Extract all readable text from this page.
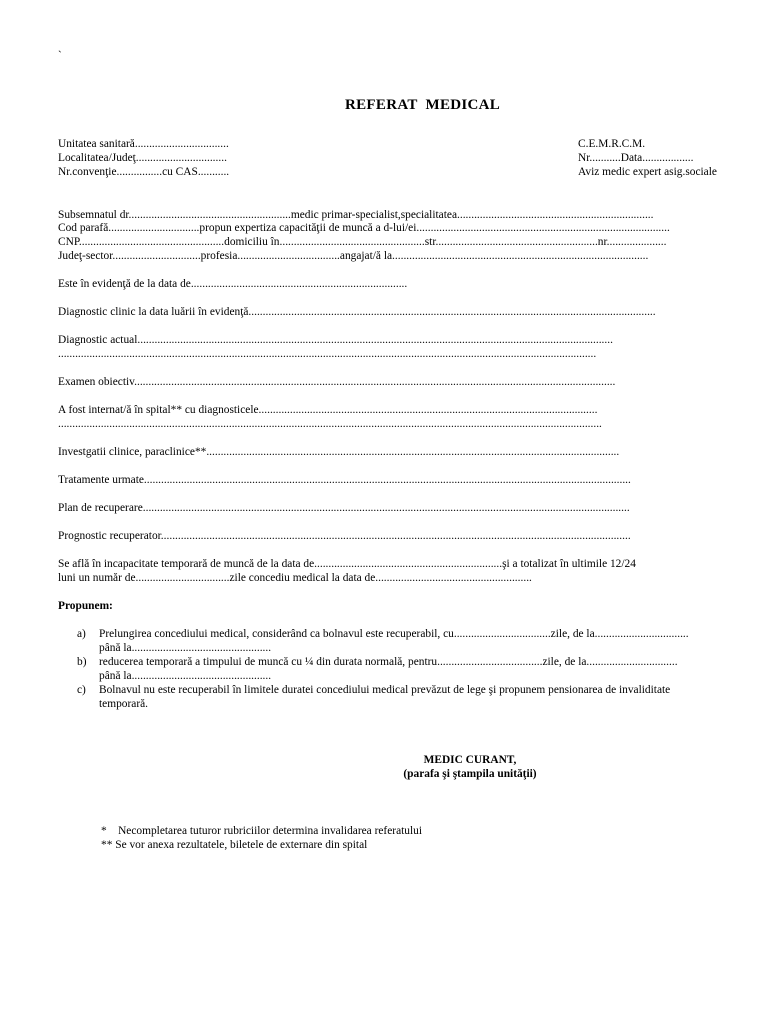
`
REFERAT  MEDICAL
Unitatea sanitară.................................
Localitatea/Judeţ................................
Nr.convenţie................cu CAS...........
C.E.M.R.C.M.
Nr...........Data..................
Aviz medic expert asig.sociale
Subsemnatul dr.........................................................medic primar-specialist,specialitatea.....................................................................
Cod parafă................................propun expertiza capacităţii de muncă a d-lui/ei.........................................................................................
CNP...................................................domiciliu în...................................................str.........................................................nr.....................
Judeţ-sector...............................profesia....................................angajat/ă la..........................................................................................
Este în evidenţă de la data de............................................................................
Diagnostic clinic la data luării în evidenţă...............................................................................................................................................
Diagnostic actual.......................................................................................................................................................................
.............................................................................................................................................................................................
Examen obiectiv.........................................................................................................................................................................
A fost internat/ă în spital** cu diagnosticele.......................................................................................................................
...............................................................................................................................................................................................
Investgatii clinice, paraclinice**.................................................................................................................................................
Tratamente urmate...........................................................................................................................................................................
Plan de recuperare...........................................................................................................................................................................
Prognostic recuperator.....................................................................................................................................................................
Se află în incapacitate temporară de muncă de la data de..................................................................şi a totalizat în ultimile 12/24
luni un număr de.................................zile concediu medical la data de.......................................................
Propunem:
a) Prelungirea concediului medical, considerând ca bolnavul este recuperabil, cu..................................zile, de la.................................
până la.................................................
b) reducerea temporară a timpului de muncă cu ¼ din durata normală, pentru.....................................zile, de la................................
până la.................................................
c) Bolnavul nu este recuperabil în limitele duratei concediului medical prevăzut de lege şi propunem pensionarea de invaliditate
temporară.
MEDIC CURANT,
(parafa şi ştampila unităţii)
*    Necompletarea tuturor rubriciilor determina invalidarea referatului
** Se vor anexa rezultatele, biletele de externare din spital
